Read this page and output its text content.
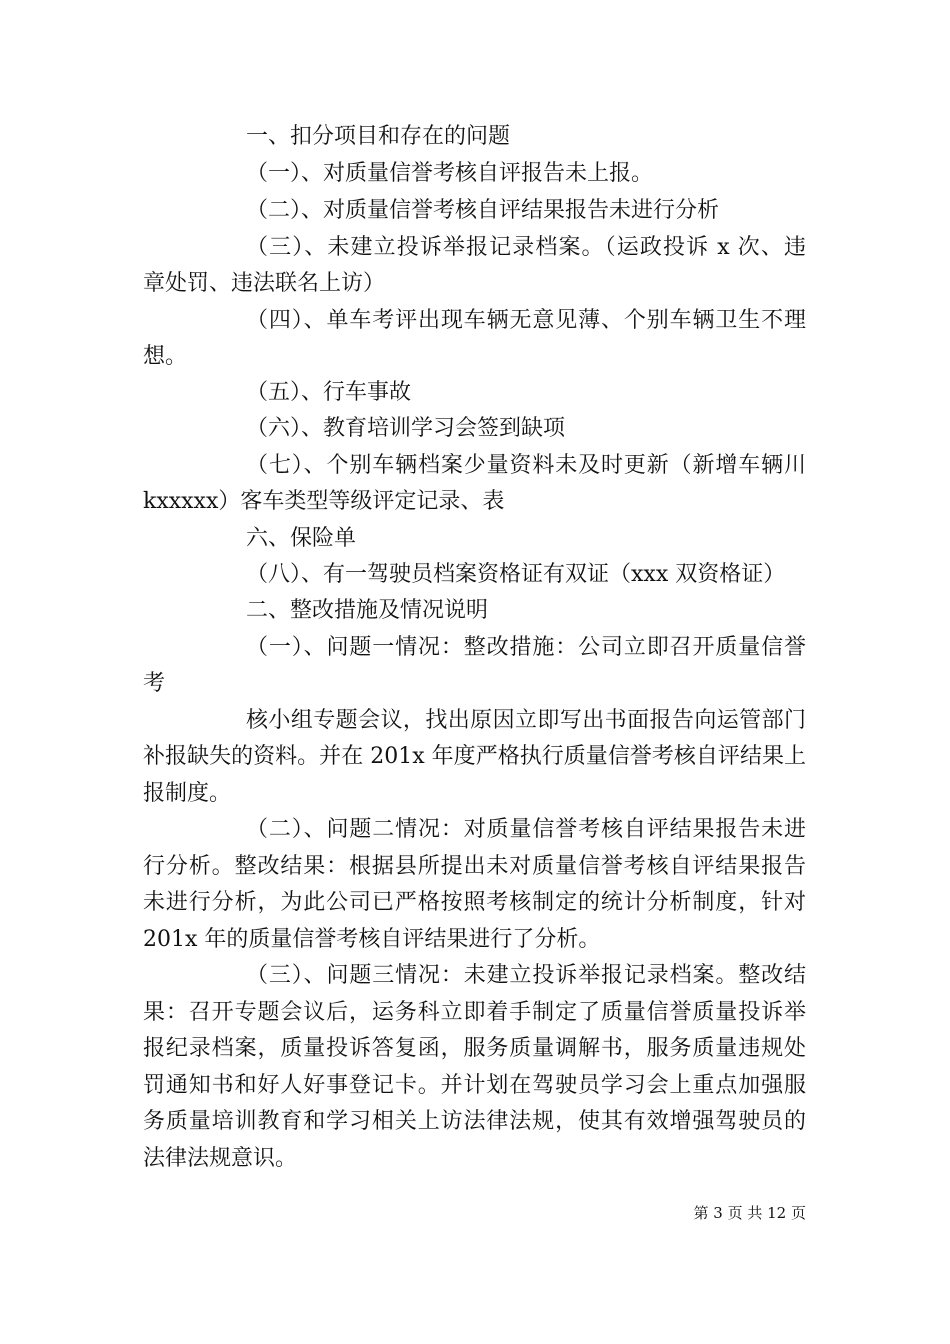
一、扣分项目和存在的问题

（一）、对质量信誉考核自评报告未上报。

（二）、对质量信誉考核自评结果报告未进行分析

（三）、未建立投诉举报记录档案。（运政投诉 x 次、违

章处罚、违法联名上访）

（四）、单车考评出现车辆无意见薄、个别车辆卫生不理

想。

（五）、行车事故

（六）、教育培训学习会签到缺项

（七）、个别车辆档案少量资料未及时更新（新增车辆川

kxxxxx）客车类型等级评定记录、表

六、保险单

（八）、有一驾驶员档案资格证有双证（xxx 双资格证）

二、整改措施及情况说明

（一）、问题一情况：整改措施：公司立即召开质量信誉

考

核小组专题会议，找出原因立即写出书面报告向运管部门

补报缺失的资料。并在 201x 年度严格执行质量信誉考核自评结果上

报制度。

（二）、问题二情况：对质量信誉考核自评结果报告未进

行分析。整改结果：根据县所提出未对质量信誉考核自评结果报告

未进行分析，为此公司已严格按照考核制定的统计分析制度，针对

201x 年的质量信誉考核自评结果进行了分析。

（三）、问题三情况：未建立投诉举报记录档案。整改结

果：召开专题会议后，运务科立即着手制定了质量信誉质量投诉举

报纪录档案，质量投诉答复函，服务质量调解书，服务质量违规处

罚通知书和好人好事登记卡。并计划在驾驶员学习会上重点加强服

务质量培训教育和学习相关上访法律法规，使其有效增强驾驶员的

法律法规意识。

第 3 页 共 12 页
